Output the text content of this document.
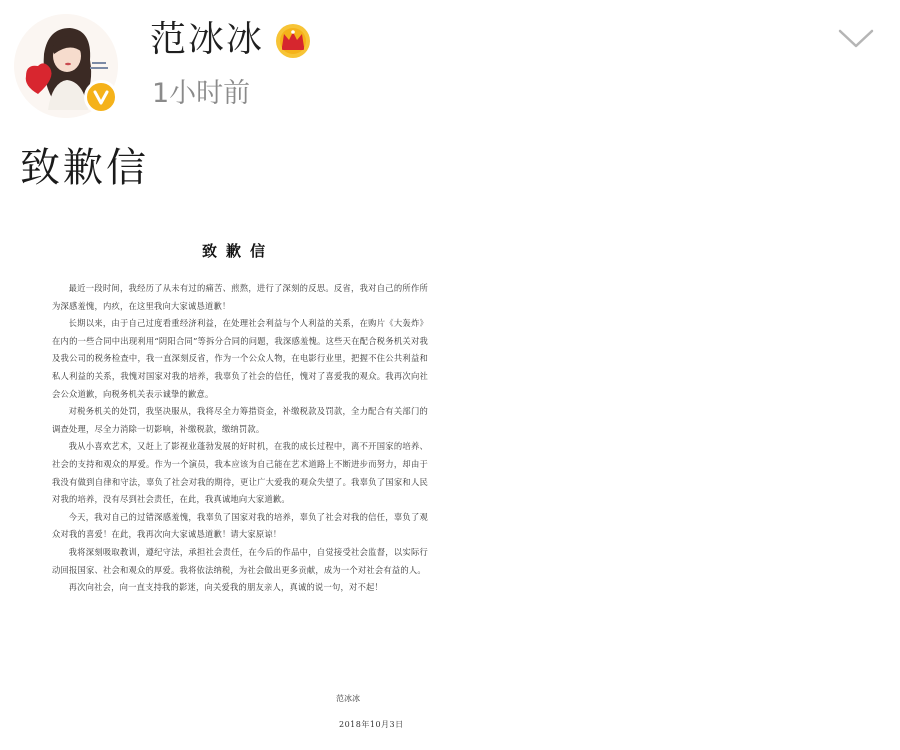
范冰冰
1小时前
致歉信
致歉信

最近一段时间，我经历了从未有过的痛苦、煎熬，进行了深刻的反思。反省，我对自己的所作所为深感羞愧，内疚，在这里我向大家诚恳道歉！

长期以来，由于自己过度看重经济利益，在处理社会利益与个人利益的关系，在购片《大轰炸》在内的一些合同中出现利用“阴阳合同”等拆分合同的问题，我深感羞愧。这些天在配合税务机关对我及我公司的税务检查中，我一直深刻反省，作为一个公众人物，在电影行业里，把握不住公共利益和私人利益的关系，我愧对国家对我的培养，我辜负了社会的信任，愧对了喜爱我的观众。我再次向社会公众道歉，向税务机关表示诚挚的歉意。

对税务机关的处罚，我坚决服从，我将尽全力筹措资金，补缴税款及罚款，全力配合有关部门的调查处理，尽全力消除一切影响，补缴税款，缴纳罚款。

我从小喜欢艺术，又赶上了影视业蓬勃发展的好时机，在我的成长过程中，离不开国家的培养、社会的支持和观众的厚爱。作为一个演员，我本应该为自己能在艺术道路上不断进步而努力，却由于我没有做到自律和守法，辜负了社会对我的期待，更让广大爱我的观众失望了。我辜负了国家和人民对我的培养，没有尽到社会责任，在此，我真诚地向大家道歉。

今天，我对自己的过错深感羞愧，我辜负了国家对我的培养，辜负了社会对我的信任，辜负了观众对我的喜爱！在此，我再次向大家诚恳道歉！请大家原谅！

我将深刻吸取教训，遵纪守法，承担社会责任，在今后的作品中，自觉接受社会监督，以实际行动回报国家、社会和观众的厚爱。我将依法纳税，为社会做出更多贡献，成为一个对社会有益的人。

再次向社会，向一直支持我的影迷，向关爱我的朋友亲人，真诚的说一句，对不起！

范冰冰
2018年10月3日
